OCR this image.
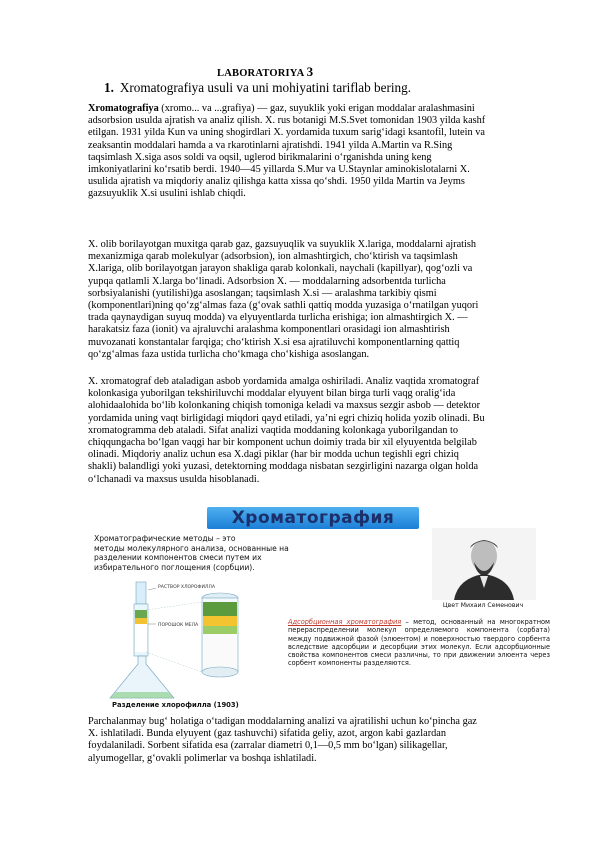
LABORATORIYA 3
1. Xromatografiya usuli va uni mohiyatini tariflab bering.

Xromatografiya (xromo... va ...grafiya) — gaz, suyuklik yoki erigan moddalar aralashmasini
adsorbsion usulda ajratish va analiz qilish. X. rus botanigi M.S.Svet tomonidan 1903 yilda kashf
etilgan. 1931 yilda Kun va uning shogirdlari X. yordamida tuxum sarig‘idagi ksantofil, lutein va
zeaksantin moddalari hamda a va rkarotinlarni ajratishdi. 1941 yilda A.Martin va R.Sing
taqsimlash X.siga asos soldi va oqsil, uglerod birikmalarini o‘rganishda uning keng
imkoniyatlarini ko‘rsatib berdi. 1940—45 yillarda S.Mur va U.Staynlar aminokislotalarni X.
usulida ajratish va miqdoriy analiz qilishga katta xissa qo‘shdi. 1950 yilda Martin va Jeyms
gazsuyuklik X.si usulini ishlab chiqdi.

X. olib borilayotgan muxitga qarab gaz, gazsuyuqlik va suyuklik X.lariga, moddalarni ajratish
mexanizmiga qarab molekulyar (adsorbsion), ion almashtirgich, cho‘ktirish va taqsimlash
X.lariga, olib borilayotgan jarayon shakliga qarab kolonkali, naychali (kapillyar), qog‘ozli va
yupqa qatlamli X.larga bo‘linadi. Adsorbsion X. — moddalarning adsorbentda turlicha
sorbsiyalanishi (yutilishi)ga asoslangan; taqsimlash X.si — aralashma tarkibiy qismi
(komponentlari)ning qo‘zg‘almas faza (g‘ovak sathli qattiq modda yuzasiga o‘rnatilgan yuqori
trada qaynaydigan suyuq modda) va elyuyentlarda turlicha erishiga; ion almashtirgich X. —
harakatsiz faza (ionit) va ajraluvchi aralashma komponentlari orasidagi ion almashtirish
muvozanati konstantalar farqiga; cho‘ktirish X.si esa ajratiluvchi komponentlarning qattiq
qo‘zg‘almas faza ustida turlicha cho‘kmaga cho‘kishiga asoslangan.

X. xromatograf deb ataladigan asbob yordamida amalga oshiriladi. Analiz vaqtida xromatograf
kolonkasiga yuborilgan tekshiriluvchi moddalar elyuyent bilan birga turli vaqg oralig‘ida
alohidaalohida bo‘lib kolonkaning chiqish tomoniga keladi va maxsus sezgir asbob — detektor
yordamida uning vaqt birligidagi miqdori qayd etiladi, ya’ni egri chiziq holida yozib olinadi. Bu
xromatogramma deb ataladi. Sifat analizi vaqtida moddaning kolonkaga yuborilgandan to
chiqqungacha bo‘lgan vaqgi har bir komponent uchun doimiy trada bir xil elyuyentda belgilab
olinadi. Miqdoriy analiz uchun esa X.dagi piklar (har bir modda uchun tegishli egri chiziq
shakli) balandligi yoki yuzasi, detektorning moddaga nisbatan sezgirligini nazarga olgan holda
o‘lchanadi va maxsus usulda hisoblanadi.

Хроматография
Хроматографические методы – это
методы молекулярного анализа, основанные на
разделении компонентов смеси путем их
избирательного поглощения (сорбции).
Цвет Михаил Семенович
РАСТВОР ХЛОРОФИЛЛА
ПОРОШОК МЕЛА
Разделение хлорофилла (1903)
Адсорбционная хроматография – метод, основанный на многократном перераспределении молекул определяемого компонента (сорбата) между подвижной фазой (элюентом) и поверхностью твердого сорбента вследствие адсорбции и десорбции этих молекул. Если адсорбционные свойства компонентов смеси различны, то при движении элюента через сорбент компоненты разделяются.

Parchalanmay bug‘ holatiga o‘tadigan moddalarning analizi va ajratilishi uchun ko‘pincha gaz
X. ishlatiladi. Bunda elyuyent (gaz tashuvchi) sifatida geliy, azot, argon kabi gazlardan
foydalaniladi. Sorbent sifatida esa (zarralar diametri 0,1—0,5 mm bo‘lgan) silikagellar,
alyumogellar, g‘ovakli polimerlar va boshqa ishlatiladi.
